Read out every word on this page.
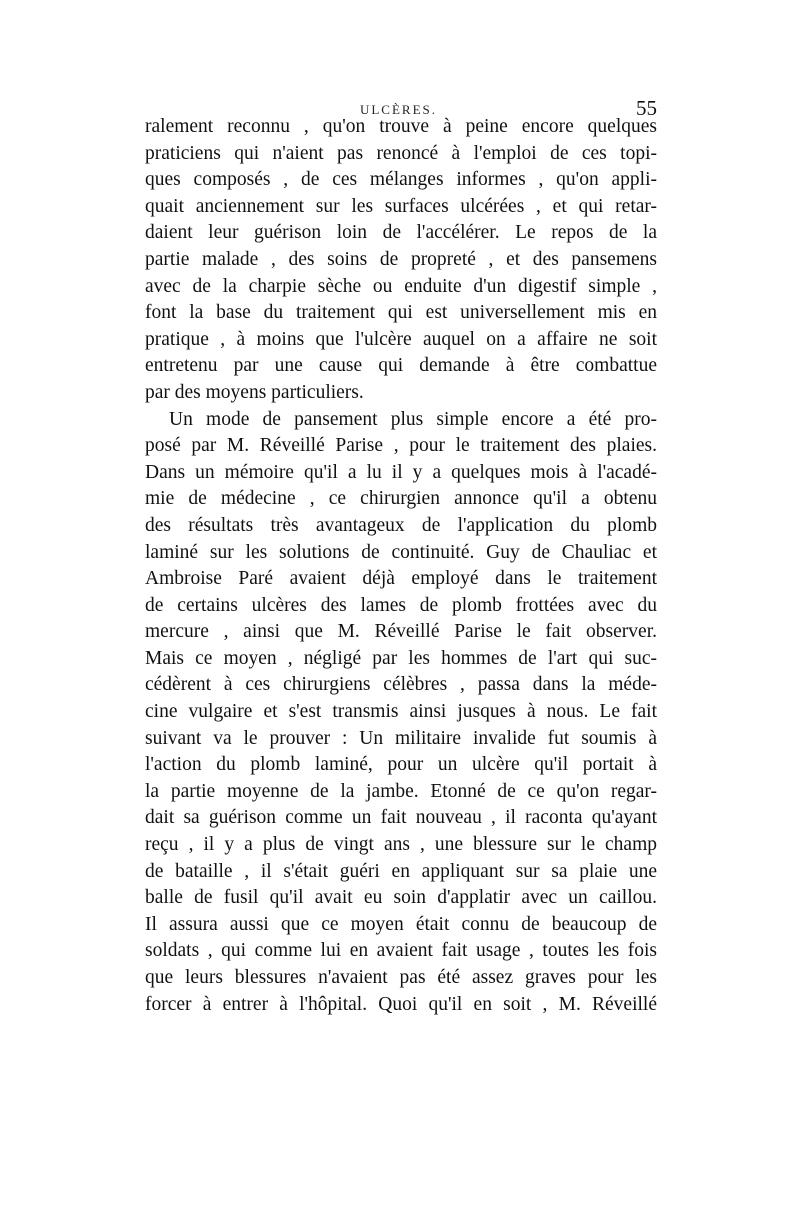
ULCÈRES.	55
ralement reconnu , qu'on trouve à peine encore quelques
praticiens qui n'aient pas renoncé à l'emploi de ces topi-
ques composés , de ces mélanges informes , qu'on appli-
quait anciennement sur les surfaces ulcérées , et qui retar-
daient leur guérison loin de l'accélérer. Le repos de la
partie malade , des soins de propreté , et des pansemens
avec de la charpie sèche ou enduite d'un digestif simple ,
font la base du traitement qui est universellement mis en
pratique , à moins que l'ulcère auquel on a affaire ne soit
entretenu par une cause qui demande à être combattue
par des moyens particuliers.
Un mode de pansement plus simple encore a été pro-
posé par M. Réveillé Parise , pour le traitement des plaies.
Dans un mémoire qu'il a lu il y a quelques mois à l'acadé-
mie de médecine , ce chirurgien annonce qu'il a obtenu
des résultats très avantageux de l'application du plomb
laminé sur les solutions de continuité. Guy de Chauliac et
Ambroise Paré avaient déjà employé dans le traitement
de certains ulcères des lames de plomb frottées avec du
mercure , ainsi que M. Réveillé Parise le fait observer.
Mais ce moyen , négligé par les hommes de l'art qui suc-
cédèrent à ces chirurgiens célèbres , passa dans la méde-
cine vulgaire et s'est transmis ainsi jusques à nous. Le fait
suivant va le prouver : Un militaire invalide fut soumis à
l'action du plomb laminé, pour un ulcère qu'il portait à
la partie moyenne de la jambe. Etonné de ce qu'on regar-
dait sa guérison comme un fait nouveau , il raconta qu'ayant
reçu , il y a plus de vingt ans , une blessure sur le champ
de bataille , il s'était guéri en appliquant sur sa plaie une
balle de fusil qu'il avait eu soin d'applatir avec un caillou.
Il assura aussi que ce moyen était connu de beaucoup de
soldats , qui comme lui en avaient fait usage , toutes les fois
que leurs blessures n'avaient pas été assez graves pour les
forcer à entrer à l'hôpital. Quoi qu'il en soit , M. Réveillé
